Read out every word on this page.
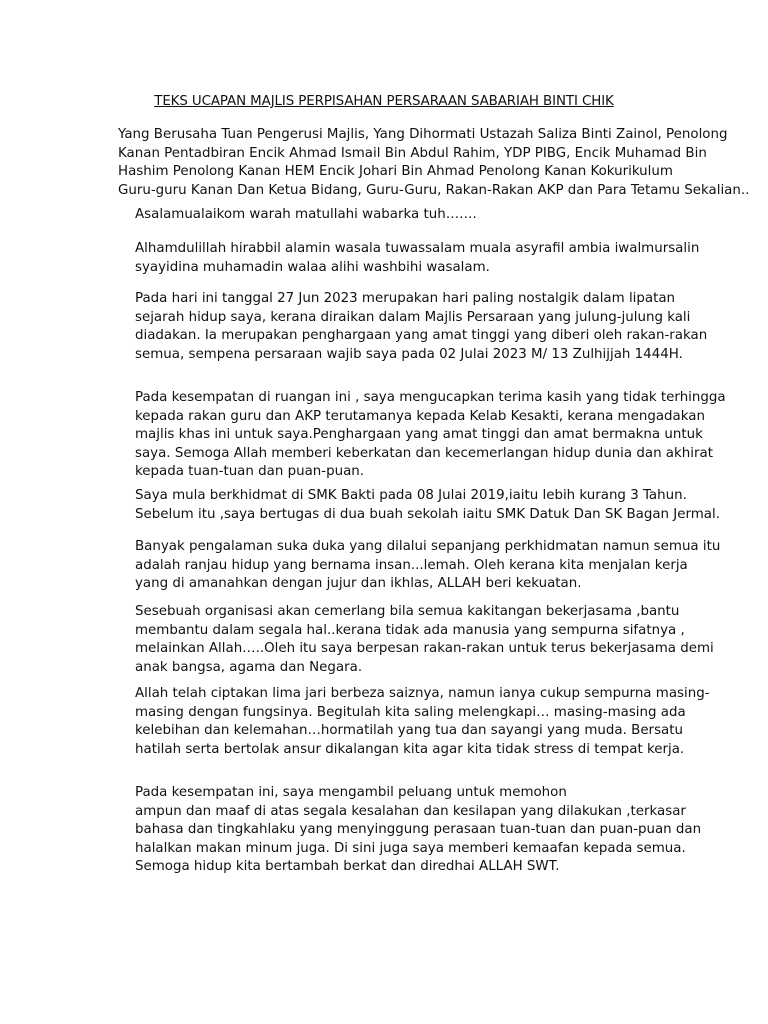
TEKS UCAPAN MAJLIS PERPISAHAN PERSARAAN SABARIAH BINTI CHIK
Yang Berusaha Tuan Pengerusi Majlis, Yang Dihormati Ustazah Saliza Binti Zainol, Penolong
Kanan Pentadbiran Encik Ahmad Ismail Bin Abdul Rahim, YDP PIBG, Encik Muhamad Bin
Hashim Penolong Kanan HEM Encik Johari Bin Ahmad Penolong Kanan Kokurikulum
Guru-guru Kanan Dan Ketua Bidang, Guru-Guru, Rakan-Rakan AKP dan Para Tetamu Sekalian..
Asalamualaikom warah matullahi wabarka tuh…….
Alhamdulillah hirabbil alamin wasala tuwassalam muala asyrafil ambia iwalmursalin
syayidina muhamadin walaa alihi washbihi wasalam.
Pada hari ini tanggal 27 Jun 2023 merupakan hari paling nostalgik dalam lipatan
sejarah hidup saya, kerana diraikan dalam Majlis Persaraan yang julung-julung kali
diadakan. Ia merupakan penghargaan yang amat tinggi yang diberi oleh rakan-rakan
semua, sempena persaraan wajib saya pada 02 Julai 2023 M/ 13 Zulhijjah 1444H.
Pada kesempatan di ruangan ini , saya mengucapkan terima kasih yang tidak terhingga
kepada rakan guru dan AKP terutamanya kepada Kelab Kesakti, kerana mengadakan
majlis khas ini untuk saya.Penghargaan yang amat tinggi dan amat bermakna untuk
saya. Semoga Allah memberi keberkatan dan kecemerlangan hidup dunia dan akhirat
kepada tuan-tuan dan puan-puan.
Saya mula berkhidmat di SMK Bakti pada 08 Julai 2019,iaitu lebih kurang 3 Tahun.
Sebelum itu ,saya bertugas di dua buah sekolah iaitu SMK Datuk Dan SK Bagan Jermal.
Banyak pengalaman suka duka yang dilalui sepanjang perkhidmatan namun semua itu
adalah ranjau hidup yang bernama insan...lemah. Oleh kerana kita menjalan kerja
yang di amanahkan dengan jujur dan ikhlas, ALLAH beri kekuatan.
Sesebuah organisasi akan cemerlang bila semua kakitangan bekerjasama ,bantu
membantu dalam segala hal..kerana tidak ada manusia yang sempurna sifatnya ,
melainkan Allah…..Oleh itu saya berpesan rakan-rakan untuk terus bekerjasama demi
anak bangsa, agama dan Negara.
Allah telah ciptakan lima jari berbeza saiznya, namun ianya cukup sempurna masing-
masing dengan fungsinya. Begitulah kita saling melengkapi… masing-masing ada
kelebihan dan kelemahan…hormatilah yang tua dan sayangi yang muda. Bersatu
hatilah serta bertolak ansur dikalangan kita agar kita tidak stress di tempat kerja.
Pada kesempatan ini, saya mengambil peluang untuk memohon
ampun dan maaf di atas segala kesalahan dan kesilapan yang dilakukan ,terkasar
bahasa dan tingkahlaku yang menyinggung perasaan tuan-tuan dan puan-puan dan
halalkan makan minum juga. Di sini juga saya memberi kemaafan kepada semua.
Semoga hidup kita bertambah berkat dan diredhai ALLAH SWT.
